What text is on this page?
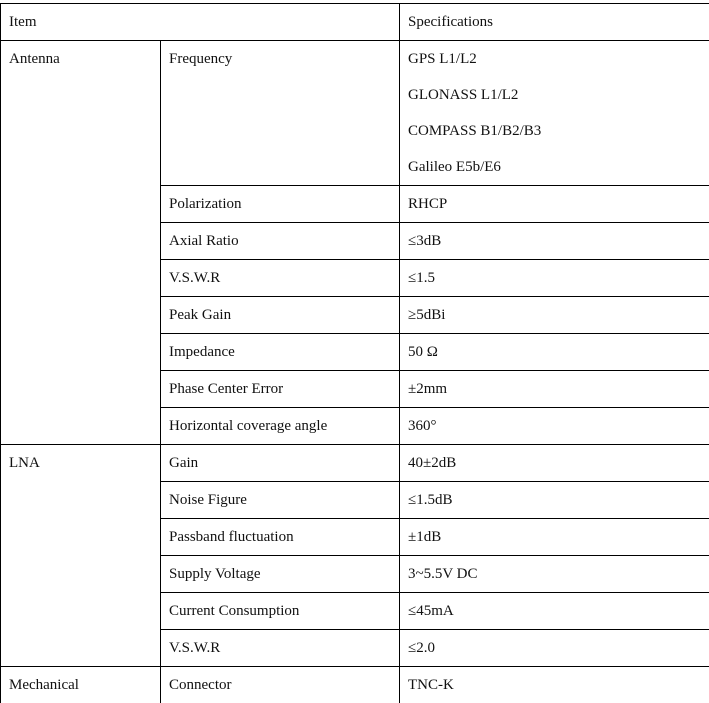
Item	Specifications
Antenna	Frequency	GPS L1/L2
GLONASS L1/L2
COMPASS B1/B2/B3
Galileo E5b/E6
Polarization	RHCP
Axial Ratio	≤3dB
V.S.W.R	≤1.5
Peak Gain	≥5dBi
Impedance	50 Ω
Phase Center Error	±2mm
Horizontal coverage angle	360°
LNA	Gain	40±2dB
Noise Figure	≤1.5dB
Passband fluctuation	±1dB
Supply Voltage	3~5.5V DC
Current Consumption	≤45mA
V.S.W.R	≤2.0
Mechanical	Connector	TNC-K
